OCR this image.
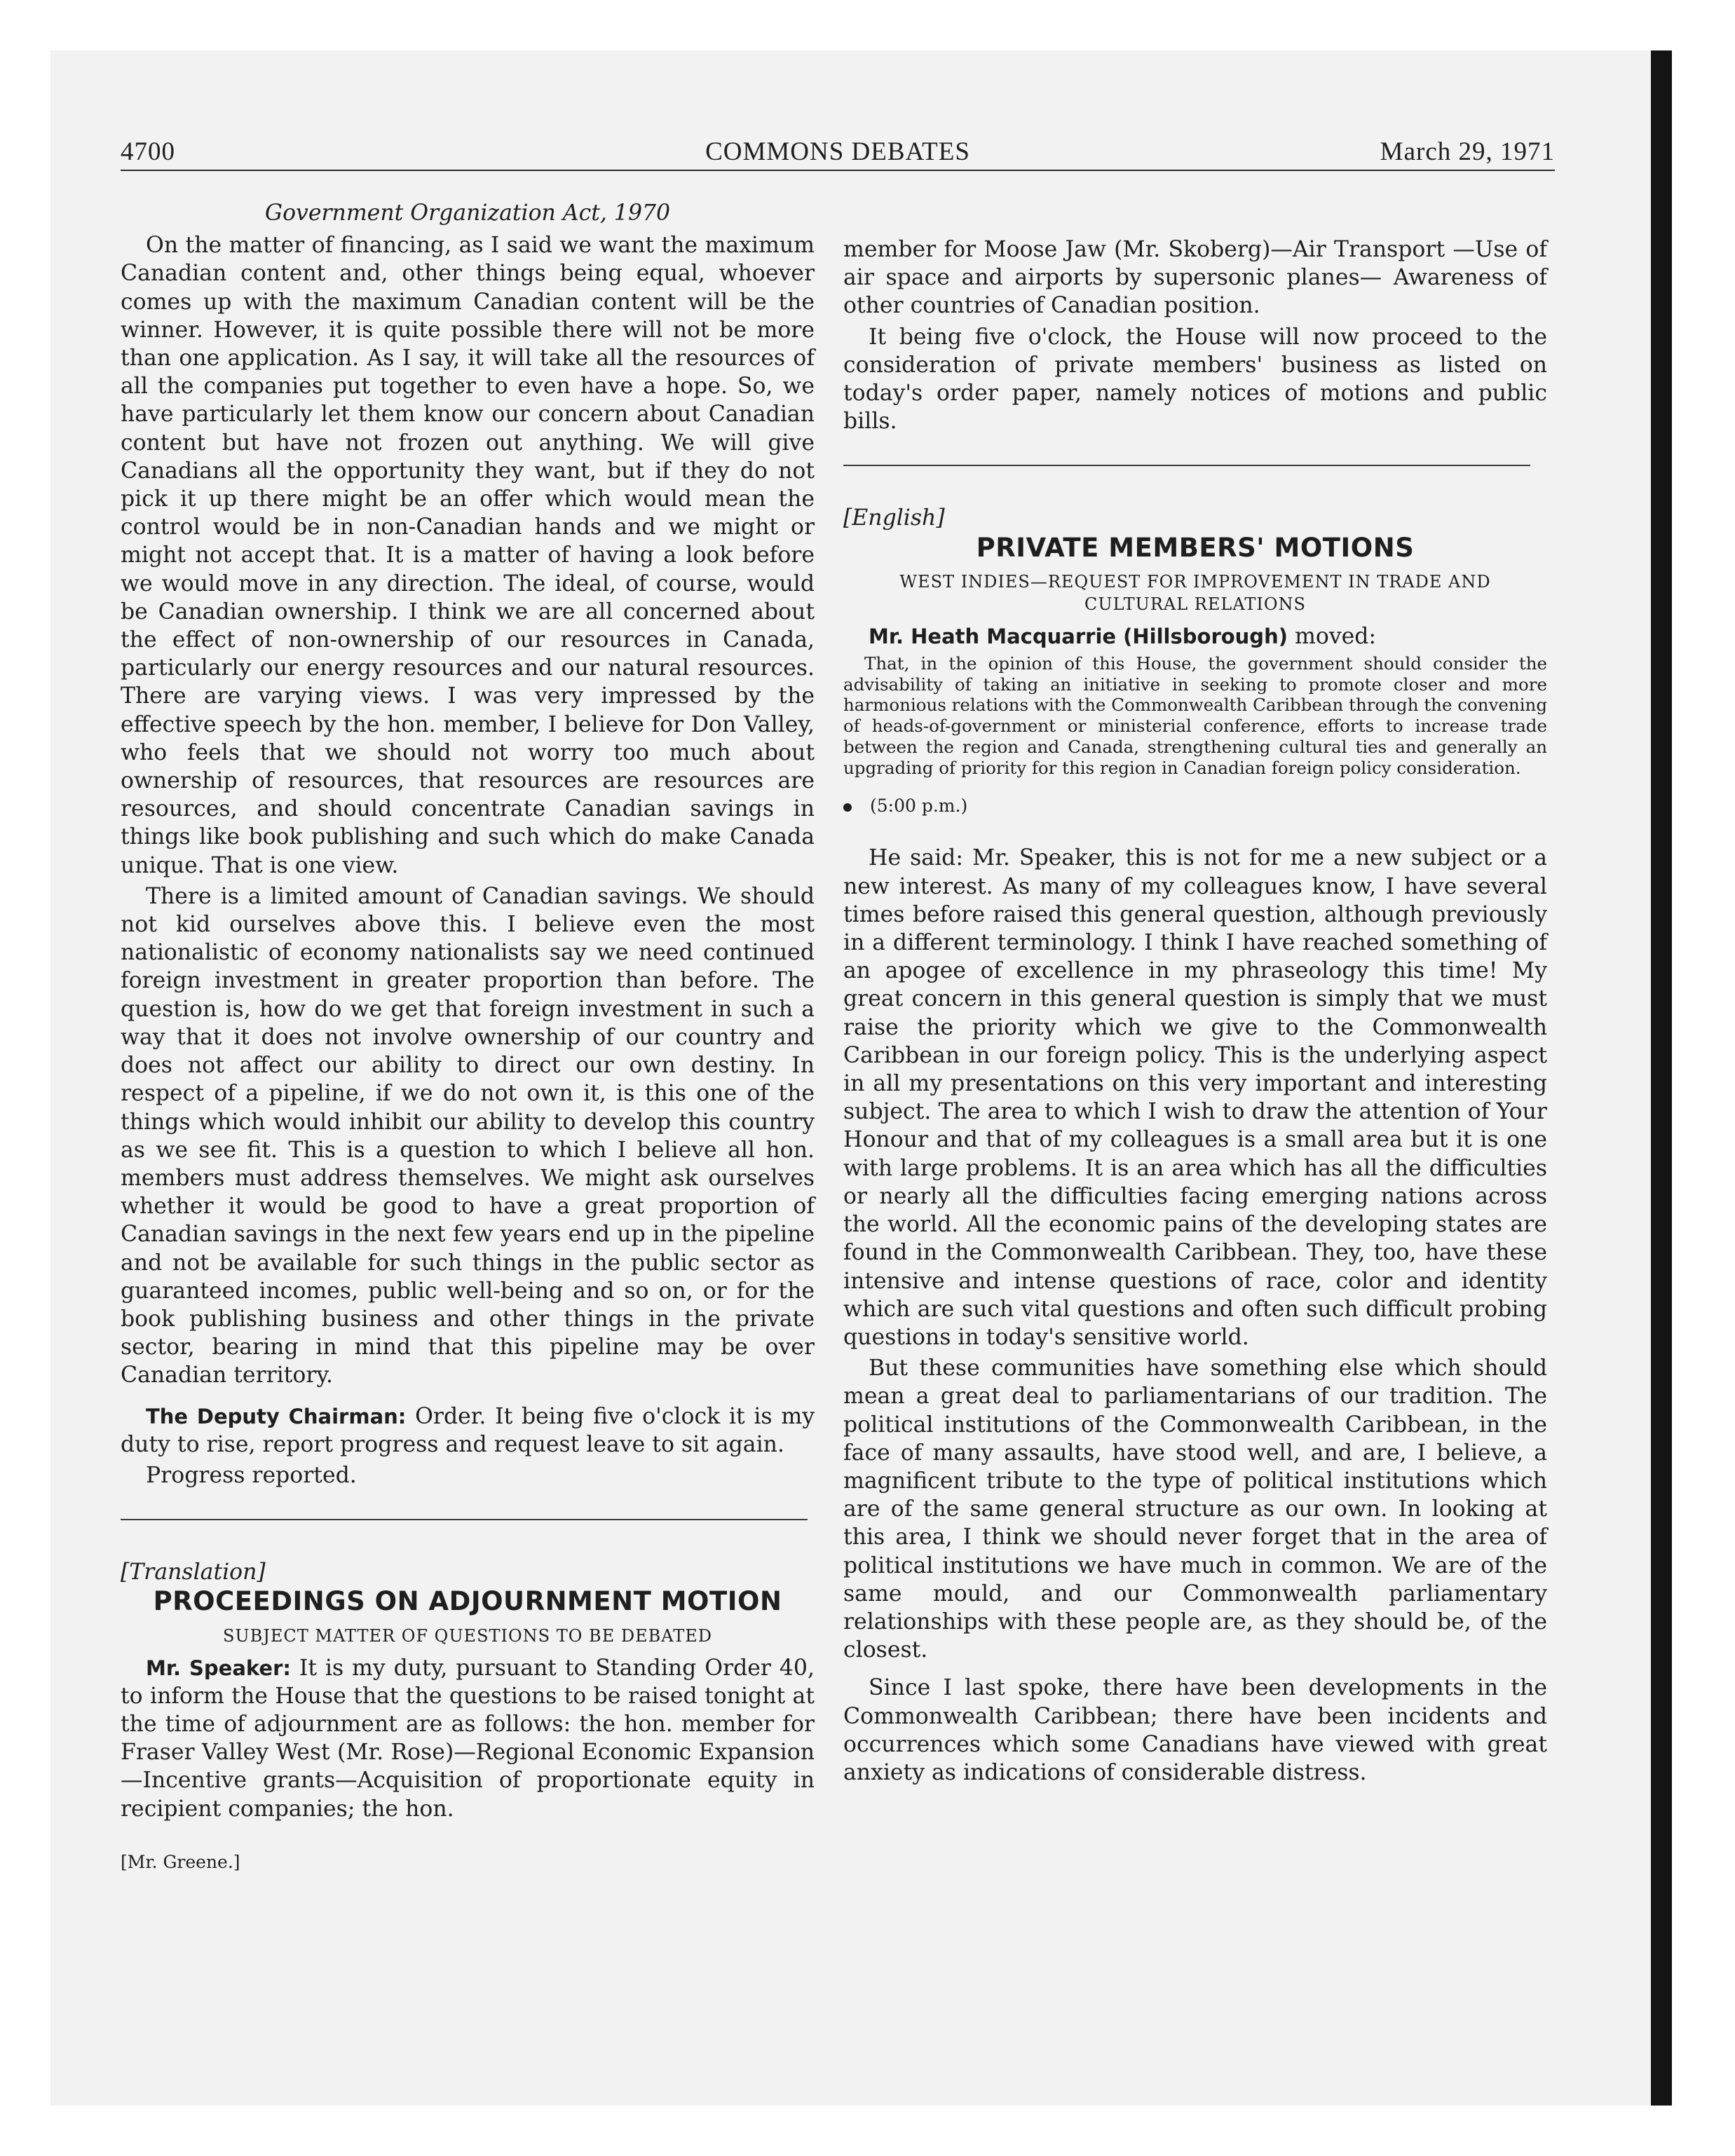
4700	COMMONS DEBATES	March 29, 1971

Government Organization Act, 1970

On the matter of financing, as I said we want the maximum Canadian content and, other things being equal, whoever comes up with the maximum Canadian content will be the winner. However, it is quite possible there will not be more than one application. As I say, it will take all the resources of all the companies put together to even have a hope. So, we have particularly let them know our concern about Canadian content but have not frozen out anything. We will give Canadians all the opportunity they want, but if they do not pick it up there might be an offer which would mean the control would be in non-Canadian hands and we might or might not accept that. It is a matter of having a look before we would move in any direction. The ideal, of course, would be Canadian ownership. I think we are all concerned about the effect of non-ownership of our resources in Canada, particularly our energy resources and our natural resources. There are varying views. I was very impressed by the effective speech by the hon. member, I believe for Don Valley, who feels that we should not worry too much about ownership of resources, that resources are resources are resources, and should concentrate Canadian savings in things like book publishing and such which do make Canada unique. That is one view.

There is a limited amount of Canadian savings. We should not kid ourselves above this. I believe even the most nationalistic of economy nationalists say we need continued foreign investment in greater proportion than before. The question is, how do we get that foreign investment in such a way that it does not involve ownership of our country and does not affect our ability to direct our own destiny. In respect of a pipeline, if we do not own it, is this one of the things which would inhibit our ability to develop this country as we see fit. This is a question to which I believe all hon. members must address themselves. We might ask ourselves whether it would be good to have a great proportion of Canadian savings in the next few years end up in the pipeline and not be available for such things in the public sector as guaranteed incomes, public well-being and so on, or for the book publishing business and other things in the private sector, bearing in mind that this pipeline may be over Canadian territory.

The Deputy Chairman: Order. It being five o'clock it is my duty to rise, report progress and request leave to sit again.

Progress reported.

[Translation]

PROCEEDINGS ON ADJOURNMENT MOTION
SUBJECT MATTER OF QUESTIONS TO BE DEBATED

Mr. Speaker: It is my duty, pursuant to Standing Order 40, to inform the House that the questions to be raised tonight at the time of adjournment are as follows: the hon. member for Fraser Valley West (Mr. Rose)—Regional Economic Expansion—Incentive grants—Acquisition of proportionate equity in recipient companies; the hon.

[Mr. Greene.]

member for Moose Jaw (Mr. Skoberg)—Air Transport —Use of air space and airports by supersonic planes— Awareness of other countries of Canadian position.

It being five o'clock, the House will now proceed to the consideration of private members' business as listed on today's order paper, namely notices of motions and public bills.

[English]

PRIVATE MEMBERS' MOTIONS
WEST INDIES—REQUEST FOR IMPROVEMENT IN TRADE AND CULTURAL RELATIONS

Mr. Heath Macquarrie (Hillsborough) moved:

That, in the opinion of this House, the government should consider the advisability of taking an initiative in seeking to promote closer and more harmonious relations with the Commonwealth Caribbean through the convening of heads-of-government or ministerial conference, efforts to increase trade between the region and Canada, strengthening cultural ties and generally an upgrading of priority for this region in Canadian foreign policy consideration.

(5:00 p.m.)

He said: Mr. Speaker, this is not for me a new subject or a new interest. As many of my colleagues know, I have several times before raised this general question, although previously in a different terminology. I think I have reached something of an apogee of excellence in my phraseology this time! My great concern in this general question is simply that we must raise the priority which we give to the Commonwealth Caribbean in our foreign policy. This is the underlying aspect in all my presentations on this very important and interesting subject. The area to which I wish to draw the attention of Your Honour and that of my colleagues is a small area but it is one with large problems. It is an area which has all the difficulties or nearly all the difficulties facing emerging nations across the world. All the economic pains of the developing states are found in the Commonwealth Caribbean. They, too, have these intensive and intense questions of race, color and identity which are such vital questions and often such difficult probing questions in today's sensitive world.

But these communities have something else which should mean a great deal to parliamentarians of our tradition. The political institutions of the Commonwealth Caribbean, in the face of many assaults, have stood well, and are, I believe, a magnificent tribute to the type of political institutions which are of the same general structure as our own. In looking at this area, I think we should never forget that in the area of political institutions we have much in common. We are of the same mould, and our Commonwealth parliamentary relationships with these people are, as they should be, of the closest.

Since I last spoke, there have been developments in the Commonwealth Caribbean; there have been incidents and occurrences which some Canadians have viewed with great anxiety as indications of considerable distress.
